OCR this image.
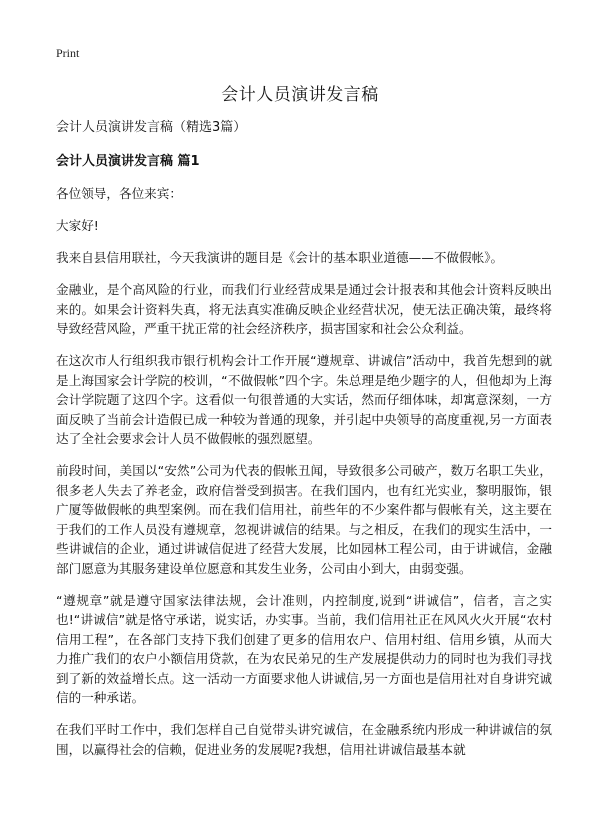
Print
会计人员演讲发言稿
会计人员演讲发言稿（精选3篇）
会计人员演讲发言稿 篇1

各位领导，各位来宾：

大家好!

我来自县信用联社，今天我演讲的题目是《会计的基本职业道德——不做假帐》。

金融业，是个高风险的行业，而我们行业经营成果是通过会计报表和其他会计资料反映出来的。如果会计资料失真，将无法真实准确反映企业经营状况，使无法正确决策，最终将导致经营风险，严重干扰正常的社会经济秩序，损害国家和社会公众利益。

在这次市人行组织我市银行机构会计工作开展“遵规章、讲诚信”活动中，我首先想到的就是上海国家会计学院的校训，“不做假帐”四个字。朱总理是绝少题字的人，但他却为上海会计学院题了这四个字。这看似一句很普通的大实话，然而仔细体味，却寓意深刻，一方面反映了当前会计造假已成一种较为普通的现象，并引起中央领导的高度重视,另一方面表达了全社会要求会计人员不做假帐的强烈愿望。

前段时间，美国以“安然”公司为代表的假帐丑闻，导致很多公司破产，数万名职工失业，很多老人失去了养老金，政府信誉受到损害。在我们国内，也有红光实业，黎明服饰，银广厦等做假帐的典型案例。而在我们信用社，前些年的不少案件都与假帐有关，这主要在于我们的工作人员没有遵规章，忽视讲诚信的结果。与之相反，在我们的现实生活中，一些讲诚信的企业，通过讲诚信促进了经营大发展，比如园林工程公司，由于讲诚信，金融部门愿意为其服务建设单位愿意和其发生业务，公司由小到大，由弱变强。

“遵规章”就是遵守国家法律法规，会计准则，内控制度,说到“讲诚信”，信者，言之实也!“讲诚信”就是恪守承诺，说实话，办实事。当前，我们信用社正在风风火火开展“农村信用工程”，在各部门支持下我们创建了更多的信用农户、信用村组、信用乡镇，从而大力推广我们的农户小额信用贷款，在为农民弟兄的生产发展提供动力的同时也为我们寻找到了新的效益增长点。这一活动一方面要求他人讲诚信,另一方面也是信用社对自身讲究诚信的一种承诺。

在我们平时工作中，我们怎样自己自觉带头讲究诚信，在金融系统内形成一种讲诚信的氛围，以赢得社会的信赖，促进业务的发展呢?我想，信用社讲诚信最基本就
